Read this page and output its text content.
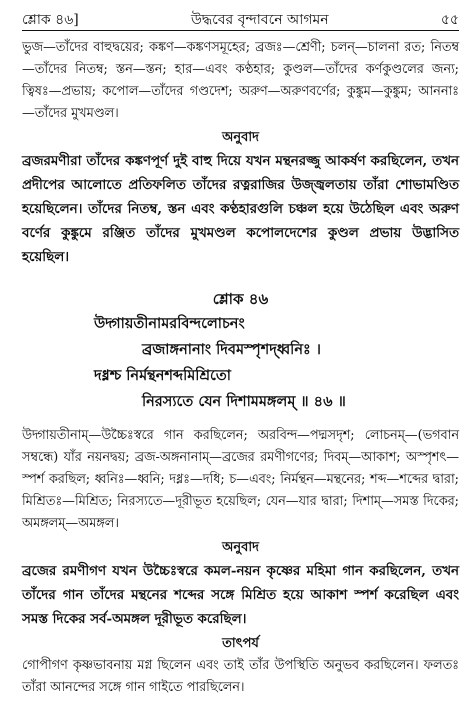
শ্লোক ৪৬]	উদ্ধবের বৃন্দাবনে আগমন	৫৫

ভুজ—তাঁদের বাহুদ্বয়ের; কঙ্কণ—কঙ্কণসমূহের; ব্রজঃ—শ্রেণী; চলন্—চালনা রত; নিতম্ব—তাঁদের নিতম্ব; স্তন—স্তন; হার—এবং কণ্ঠহার; কুণ্ডল—তাঁদের কর্ণকুণ্ডলের জন্য; ত্বিষঃ—প্রভায়; কপোল—তাঁদের গণ্ডদেশ; অরুণ—অরুণবর্ণের; কুঙ্কুম—কুঙ্কুম; আননাঃ—তাঁদের মুখমণ্ডল।

অনুবাদ

ব্রজরমণীরা তাঁদের কঙ্কণপূর্ণ দুই বাহু দিয়ে যখন মন্থনরজ্জু আকর্ষণ করছিলেন, তখন প্রদীপের আলোতে প্রতিফলিত তাঁদের রত্নরাজির উজ্জ্বলতায় তাঁরা শোভামণ্ডিত হয়েছিলেন। তাঁদের নিতম্ব, স্তন এবং কণ্ঠহারগুলি চঞ্চল হয়ে উঠেছিল এবং অরুণ বর্ণের কুঙ্কুমে রঞ্জিত তাঁদের মুখমণ্ডল কপোলদেশের কুণ্ডল প্রভায় উদ্ভাসিত হয়েছিল।

শ্লোক ৪৬
উদ্গায়তীনামরবিন্দলোচনং
ব্রজাঙ্গনানাং দিবমস্পৃশদ্ধ্বনিঃ ।
দধ্নশ্চ নির্মন্থনশব্দমিশ্রিতো
নিরস্যতে যেন দিশামমঙ্গলম্ ॥ ৪৬ ॥

উদ্গায়তীনাম্—উচ্চৈঃস্বরে গান করছিলেন; অরবিন্দ—পদ্মসদৃশ; লোচনম্—(ভগবান সম্বন্ধে) যাঁর নয়নদ্বয়; ব্রজ-অঙ্গনানাম্—ব্রজের রমণীগণের; দিবম্—আকাশ; অস্পৃশৎ—স্পর্শ করছিল; ধ্বনিঃ—ধ্বনি; দধ্নঃ—দধি; চ—এবং; নির্মন্থন—মন্থনের; শব্দ—শব্দের দ্বারা; মিশ্রিতঃ—মিশ্রিত; নিরস্যতে—দূরীভূত হয়েছিল; যেন—যার দ্বারা; দিশাম্—সমস্ত দিকের; অমঙ্গলম্—অমঙ্গল।

অনুবাদ

ব্রজের রমণীগণ যখন উচ্চৈঃস্বরে কমল-নয়ন কৃষ্ণের মহিমা গান করছিলেন, তখন তাঁদের গান তাঁদের মন্থনের শব্দের সঙ্গে মিশ্রিত হয়ে আকাশ স্পর্শ করেছিল এবং সমস্ত দিকের সর্ব-অমঙ্গল দূরীভূত করেছিল।

তাৎপর্য

গোপীগণ কৃষ্ণভাবনায় মগ্ন ছিলেন এবং তাই তাঁর উপস্থিতি অনুভব করছিলেন। ফলতঃ তাঁরা আনন্দের সঙ্গে গান গাইতে পারছিলেন।
